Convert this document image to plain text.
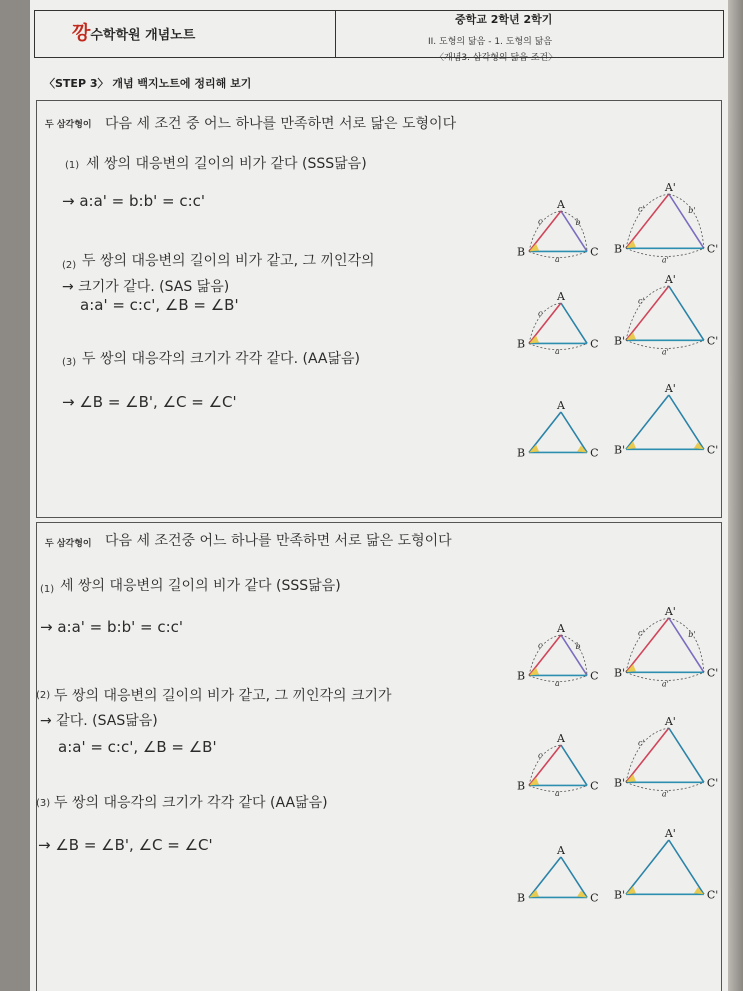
깡수학학원 개념노트
중학교 2학년 2학기
II. 도형의 닮음 - 1. 도형의 닮음
〈개념3. 삼각형의 닮음 조건〉
〈STEP 3〉 개념 백지노트에 정리해 보기
두 삼각형이 다음 세 조건 중 어느 하나를 만족하면 서로 닮은 도형이다
(1) 세 쌍의 대응변의 길이의 비가 같다 (SSS닮음)
→ a:a' = b:b' = c:c'
(2) 두 쌍의 대응변의 길이의 비가 같고, 그 끼인각의
→ 크기가 같다. (SAS 닮음)
a:a' = c:c', ∠B = ∠B'
(3) 두 쌍의 대응각의 크기가 각각 같다. (AA닮음)
→ ∠B = ∠B', ∠C = ∠C'
두 삼각형이 다음 세 조건중 어느 하나를 만족하면 서로 닮은 도형이다
(1) 세 쌍의 대응변의 길이의 비가 같다 (SSS닮음)
→ a:a' = b:b' = c:c'
(2) 두 쌍의 대응변의 길이의 비가 같고, 그 끼인각의 크기가
→ 같다. (SAS닮음)
a:a' = c:c', ∠B = ∠B'
(3) 두 쌍의 대응각의 크기가 각각 같다 (AA닮음)
→ ∠B = ∠B', ∠C = ∠C'
c
a
b
A
B	C
c'
a'
b'
A'
B'	C'
c
a
A
B	C
c'
a'
A'
B'	C'
A
B	C
A'
B'	C'
c
a
b
A
B	C
c'
a'
b'
A'
B'	C'
c
a
A
B	C
c'
a'
A'
B'	C'
A
B	C
A'
B'	C'
